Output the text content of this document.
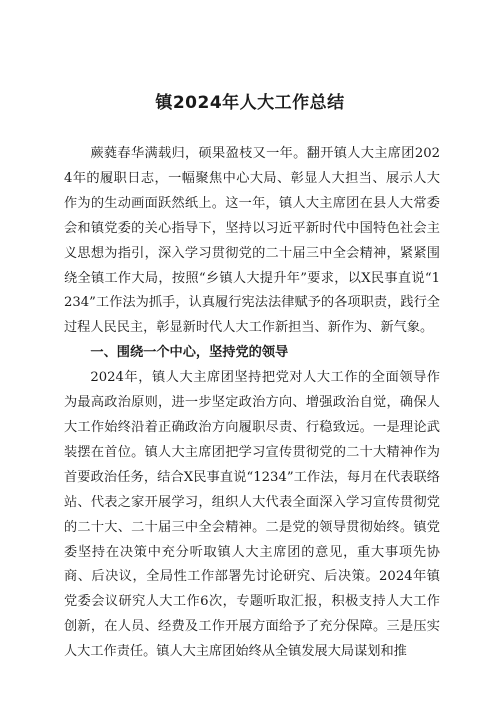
镇2024年人大工作总结

蕨蕤春华满载归，硕果盈枝又一年。翻开镇人大主席团2024年的履职日志，一幅聚焦中心大局、彰显人大担当、展示人大作为的生动画面跃然纸上。这一年，镇人大主席团在县人大常委会和镇党委的关心指导下，坚持以习近平新时代中国特色社会主义思想为指引，深入学习贯彻党的二十届三中全会精神，紧紧围绕全镇工作大局，按照“乡镇人大提升年”要求，以X民事直说“1234”工作法为抓手，认真履行宪法法律赋予的各项职责，践行全过程人民民主，彰显新时代人大工作新担当、新作为、新气象。

一、围绕一个中心，坚持党的领导

2024年，镇人大主席团坚持把党对人大工作的全面领导作为最高政治原则，进一步坚定政治方向、增强政治自觉，确保人大工作始终沿着正确政治方向履职尽责、行稳致远。一是理论武装摆在首位。镇人大主席团把学习宣传贯彻党的二十大精神作为首要政治任务，结合X民事直说“1234”工作法，每月在代表联络站、代表之家开展学习，组织人大代表全面深入学习宣传贯彻党的二十大、二十届三中全会精神。二是党的领导贯彻始终。镇党委坚持在决策中充分听取镇人大主席团的意见，重大事项先协商、后决议，全局性工作部署先讨论研究、后决策。2024年镇党委会议研究人大工作6次，专题听取汇报，积极支持人大工作创新，在人员、经费及工作开展方面给予了充分保障。三是压实人大工作责任。镇人大主席团始终从全镇发展大局谋划和推
